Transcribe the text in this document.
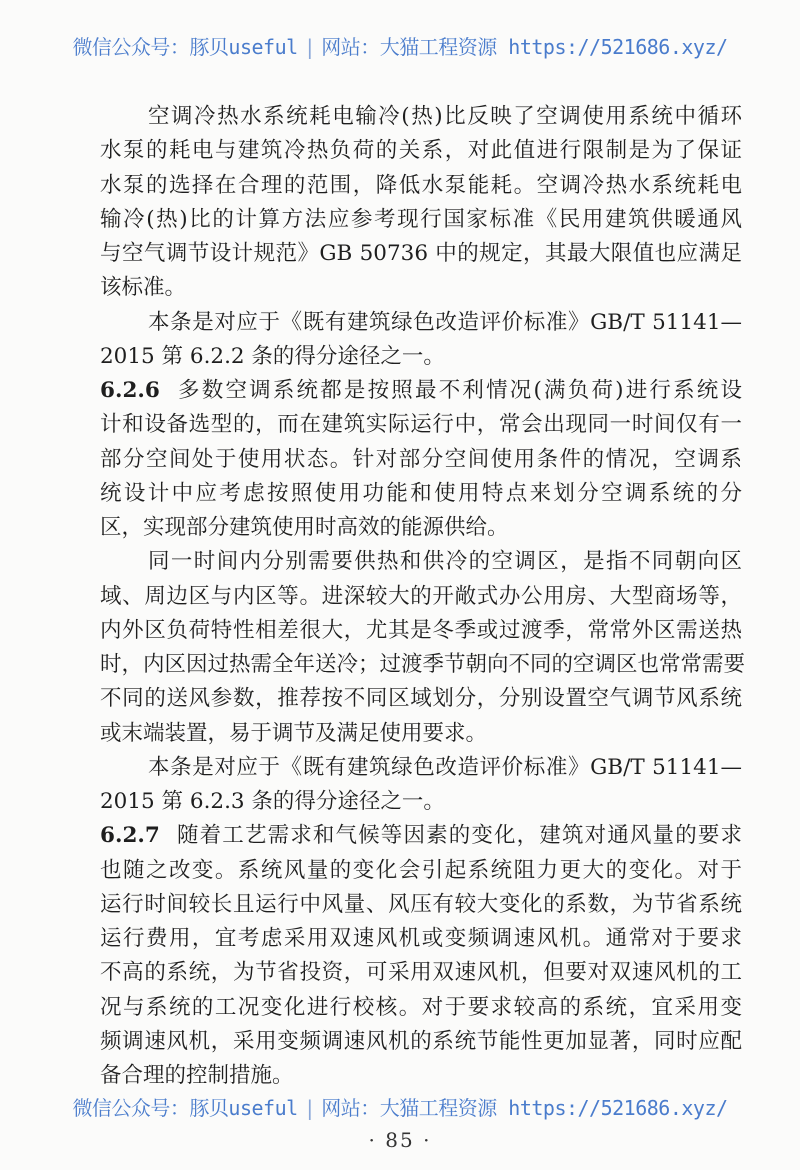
微信公众号：豚贝useful | 网站：大猫工程资源 https://521686.xyz/
空调冷热水系统耗电输冷(热)比反映了空调使用系统中循环
水泵的耗电与建筑冷热负荷的关系，对此值进行限制是为了保证
水泵的选择在合理的范围，降低水泵能耗。空调冷热水系统耗电
输冷(热)比的计算方法应参考现行国家标准《民用建筑供暖通风
与空气调节设计规范》GB 50736 中的规定，其最大限值也应满足
该标准。
本条是对应于《既有建筑绿色改造评价标准》GB/T 51141—
2015 第 6.2.2 条的得分途径之一。
6.2.6 多数空调系统都是按照最不利情况(满负荷)进行系统设
计和设备选型的，而在建筑实际运行中，常会出现同一时间仅有一
部分空间处于使用状态。针对部分空间使用条件的情况，空调系
统设计中应考虑按照使用功能和使用特点来划分空调系统的分
区，实现部分建筑使用时高效的能源供给。
同一时间内分别需要供热和供冷的空调区，是指不同朝向区
域、周边区与内区等。进深较大的开敞式办公用房、大型商场等，
内外区负荷特性相差很大，尤其是冬季或过渡季，常常外区需送热
时，内区因过热需全年送冷；过渡季节朝向不同的空调区也常常需要
不同的送风参数，推荐按不同区域划分，分别设置空气调节风系统
或末端装置，易于调节及满足使用要求。
本条是对应于《既有建筑绿色改造评价标准》GB/T 51141—
2015 第 6.2.3 条的得分途径之一。
6.2.7 随着工艺需求和气候等因素的变化，建筑对通风量的要求
也随之改变。系统风量的变化会引起系统阻力更大的变化。对于
运行时间较长且运行中风量、风压有较大变化的系数，为节省系统
运行费用，宜考虑采用双速风机或变频调速风机。通常对于要求
不高的系统，为节省投资，可采用双速风机，但要对双速风机的工
况与系统的工况变化进行校核。对于要求较高的系统，宜采用变
频调速风机，采用变频调速风机的系统节能性更加显著，同时应配
备合理的控制措施。
微信公众号：豚贝useful | 网站：大猫工程资源 https://521686.xyz/
· 85 ·
